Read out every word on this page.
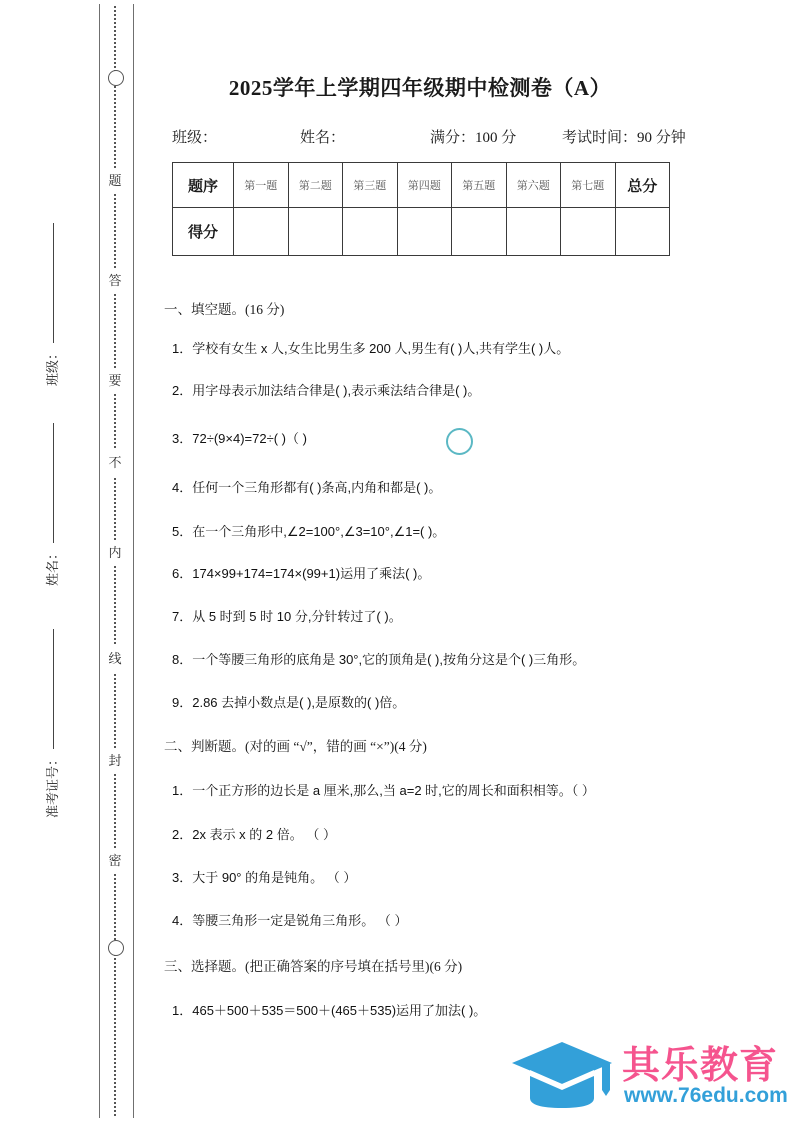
题
答
要
不
内
线
封
密
班级：
姓名：
准考证号：
2025学年上学期四年级期中检测卷（A）
班级：	姓名：	满分：100 分	考试时间：90 分钟
题序	第一题	第二题	第三题	第四题	第五题	第六题	第七题	总分
得分								
一、填空题。(16 分)
1．学校有女生 x 人,女生比男生多 200 人,男生有( )人,共有学生( )人。
2．用字母表示加法结合律是( ),表示乘法结合律是( )。
3．72÷(9×4)=72÷( )（ )
4．任何一个三角形都有( )条高,内角和都是( )。
5．在一个三角形中,∠2=100°,∠3=10°,∠1=( )。
6．174×99+174=174×(99+1)运用了乘法( )。
7．从 5 时到 5 时 10 分,分针转过了( )。
8．一个等腰三角形的底角是 30°,它的顶角是( ),按角分这是个( )三角形。
9．2.86 去掉小数点是( ),是原数的( )倍。
二、判断题。(对的画 “√”，错的画 “×”)(4 分)
1．一个正方形的边长是 a 厘米,那么,当 a=2 时,它的周长和面积相等。（ ）
2．2x 表示 x 的 2 倍。 （ ）
3．大于 90° 的角是钝角。 （ ）
4．等腰三角形一定是锐角三角形。 （ ）
三、选择题。(把正确答案的序号填在括号里)(6 分)
1．465＋500＋535＝500＋(465＋535)运用了加法( )。
其乐教育
www.76edu.com
